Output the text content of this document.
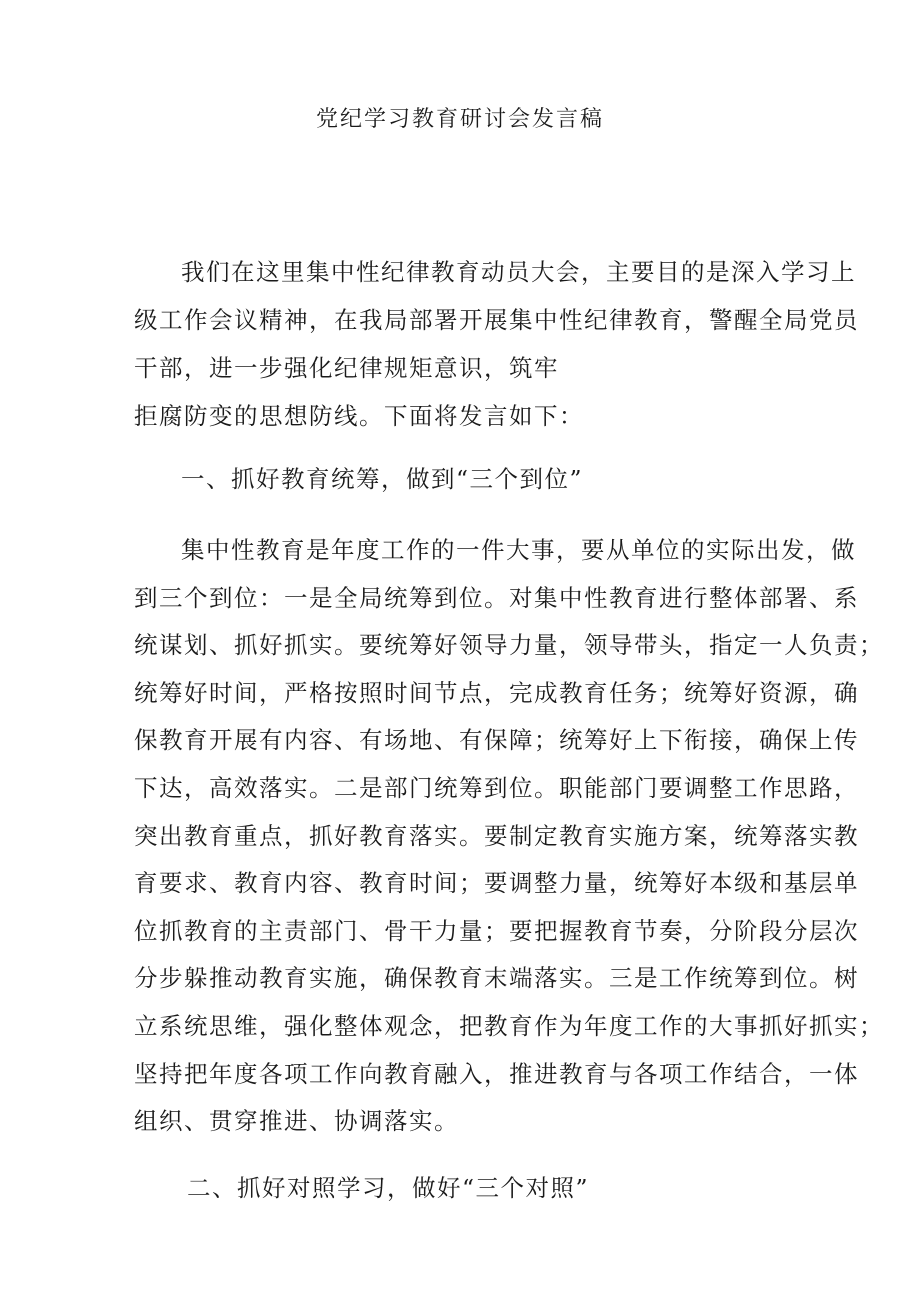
党纪学习教育研讨会发言稿

我们在这里集中性纪律教育动员大会，主要目的是深入学习上
级工作会议精神，在我局部署开展集中性纪律教育，警醒全局党员
干部，进一步强化纪律规矩意识，筑牢
拒腐防变的思想防线。下面将发言如下：

一、抓好教育统筹，做到“三个到位”

集中性教育是年度工作的一件大事，要从单位的实际出发，做
到三个到位：一是全局统筹到位。对集中性教育进行整体部署、系
统谋划、抓好抓实。要统筹好领导力量，领导带头，指定一人负责；
统筹好时间，严格按照时间节点，完成教育任务；统筹好资源，确
保教育开展有内容、有场地、有保障；统筹好上下衔接，确保上传
下达，高效落实。二是部门统筹到位。职能部门要调整工作思路，
突出教育重点，抓好教育落实。要制定教育实施方案，统筹落实教
育要求、教育内容、教育时间；要调整力量，统筹好本级和基层单
位抓教育的主责部门、骨干力量；要把握教育节奏，分阶段分层次
分步躲推动教育实施，确保教育末端落实。三是工作统筹到位。树
立系统思维，强化整体观念，把教育作为年度工作的大事抓好抓实；
坚持把年度各项工作向教育融入，推进教育与各项工作结合，一体
组织、贯穿推进、协调落实。

二、抓好对照学习，做好“三个对照”
